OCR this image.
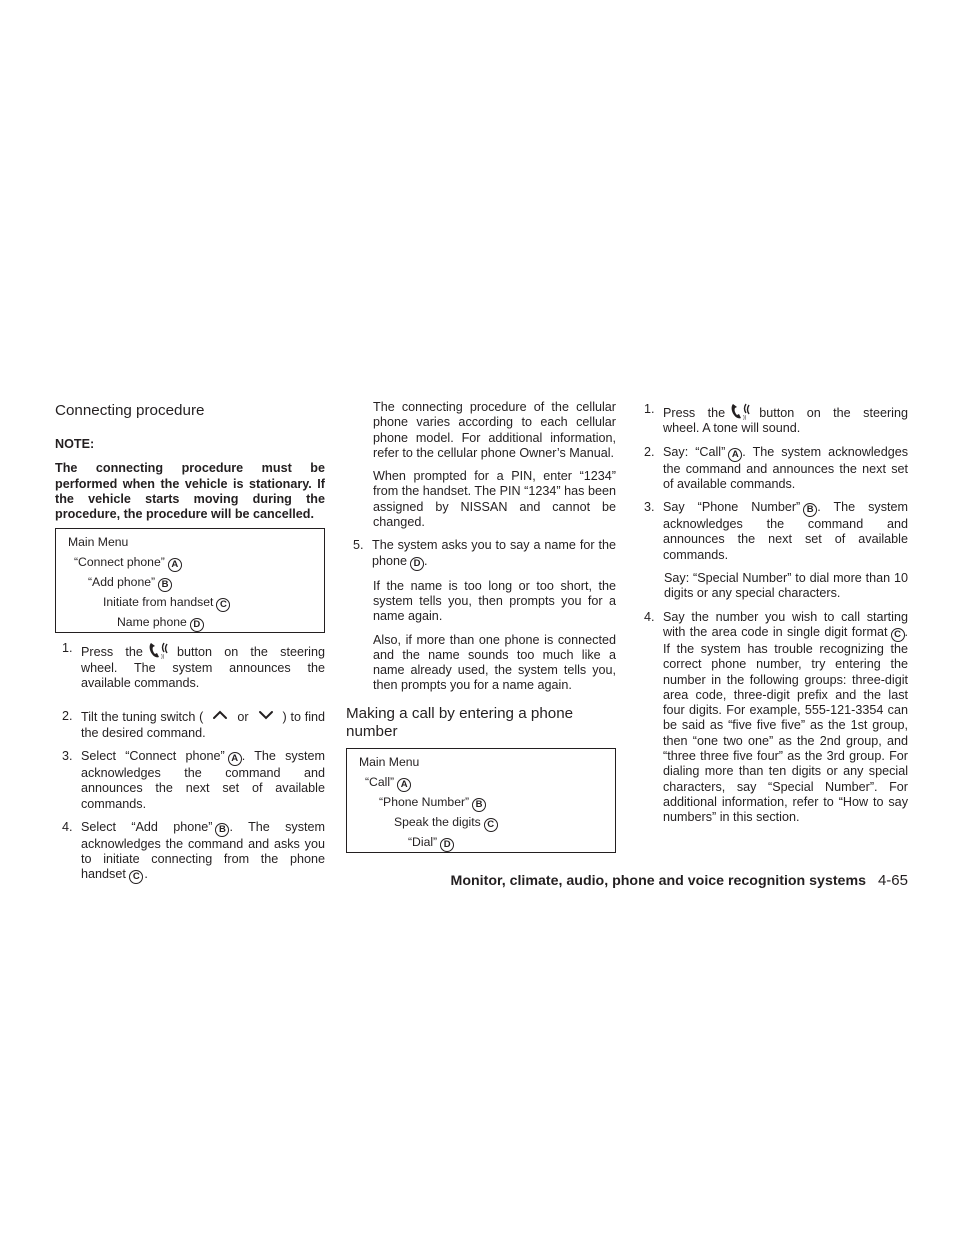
Connecting procedure
NOTE:
The connecting procedure must be performed when the vehicle is stationary. If the vehicle starts moving during the procedure, the procedure will be cancelled.
Main Menu
“Connect phone” A
“Add phone” B
Initiate from handset C
Name phone D
1. Press the	)) button on the steering wheel. The system announces the available commands.
2. Tilt the tuning switch (	or	) to find the desired command.
3. Select “Connect phone” A . The system acknowledges the command and announces the next set of available commands.
4. Select “Add phone” B . The system acknowledges the command and asks you to initiate connecting from the phone handset C .
The connecting procedure of the cellular phone varies according to each cellular phone model. For additional information, refer to the cellular phone Owner’s Manual.
When prompted for a PIN, enter “1234” from the handset. The PIN “1234” has been assigned by NISSAN and cannot be changed.
5. The system asks you to say a name for the phone D .
If the name is too long or too short, the system tells you, then prompts you for a name again.
Also, if more than one phone is connected and the name sounds too much like a name already used, the system tells you, then prompts you for a name again.
Making a call by entering a phone number
Main Menu
“Call” A
“Phone Number” B
Speak the digits C
“Dial” D
1. Press the	)) button on the steering wheel. A tone will sound.
2. Say: “Call” A . The system acknowledges the command and announces the next set of available commands.
3. Say “Phone Number” B . The system acknowledges the command and announces the next set of available commands.
Say: “Special Number” to dial more than 10 digits or any special characters.
4. Say the number you wish to call starting with the area code in single digit format C . If the system has trouble recognizing the correct phone number, try entering the number in the following groups: three-digit area code, three-digit prefix and the last four digits. For example, 555-121-3354 can be said as “five five five” as the 1st group, then “one two one” as the 2nd group, and “three three five four” as the 3rd group. For dialing more than ten digits or any special characters, say “Special Number”. For additional information, refer to “How to say numbers” in this section.
Monitor, climate, audio, phone and voice recognition systems 4-65
